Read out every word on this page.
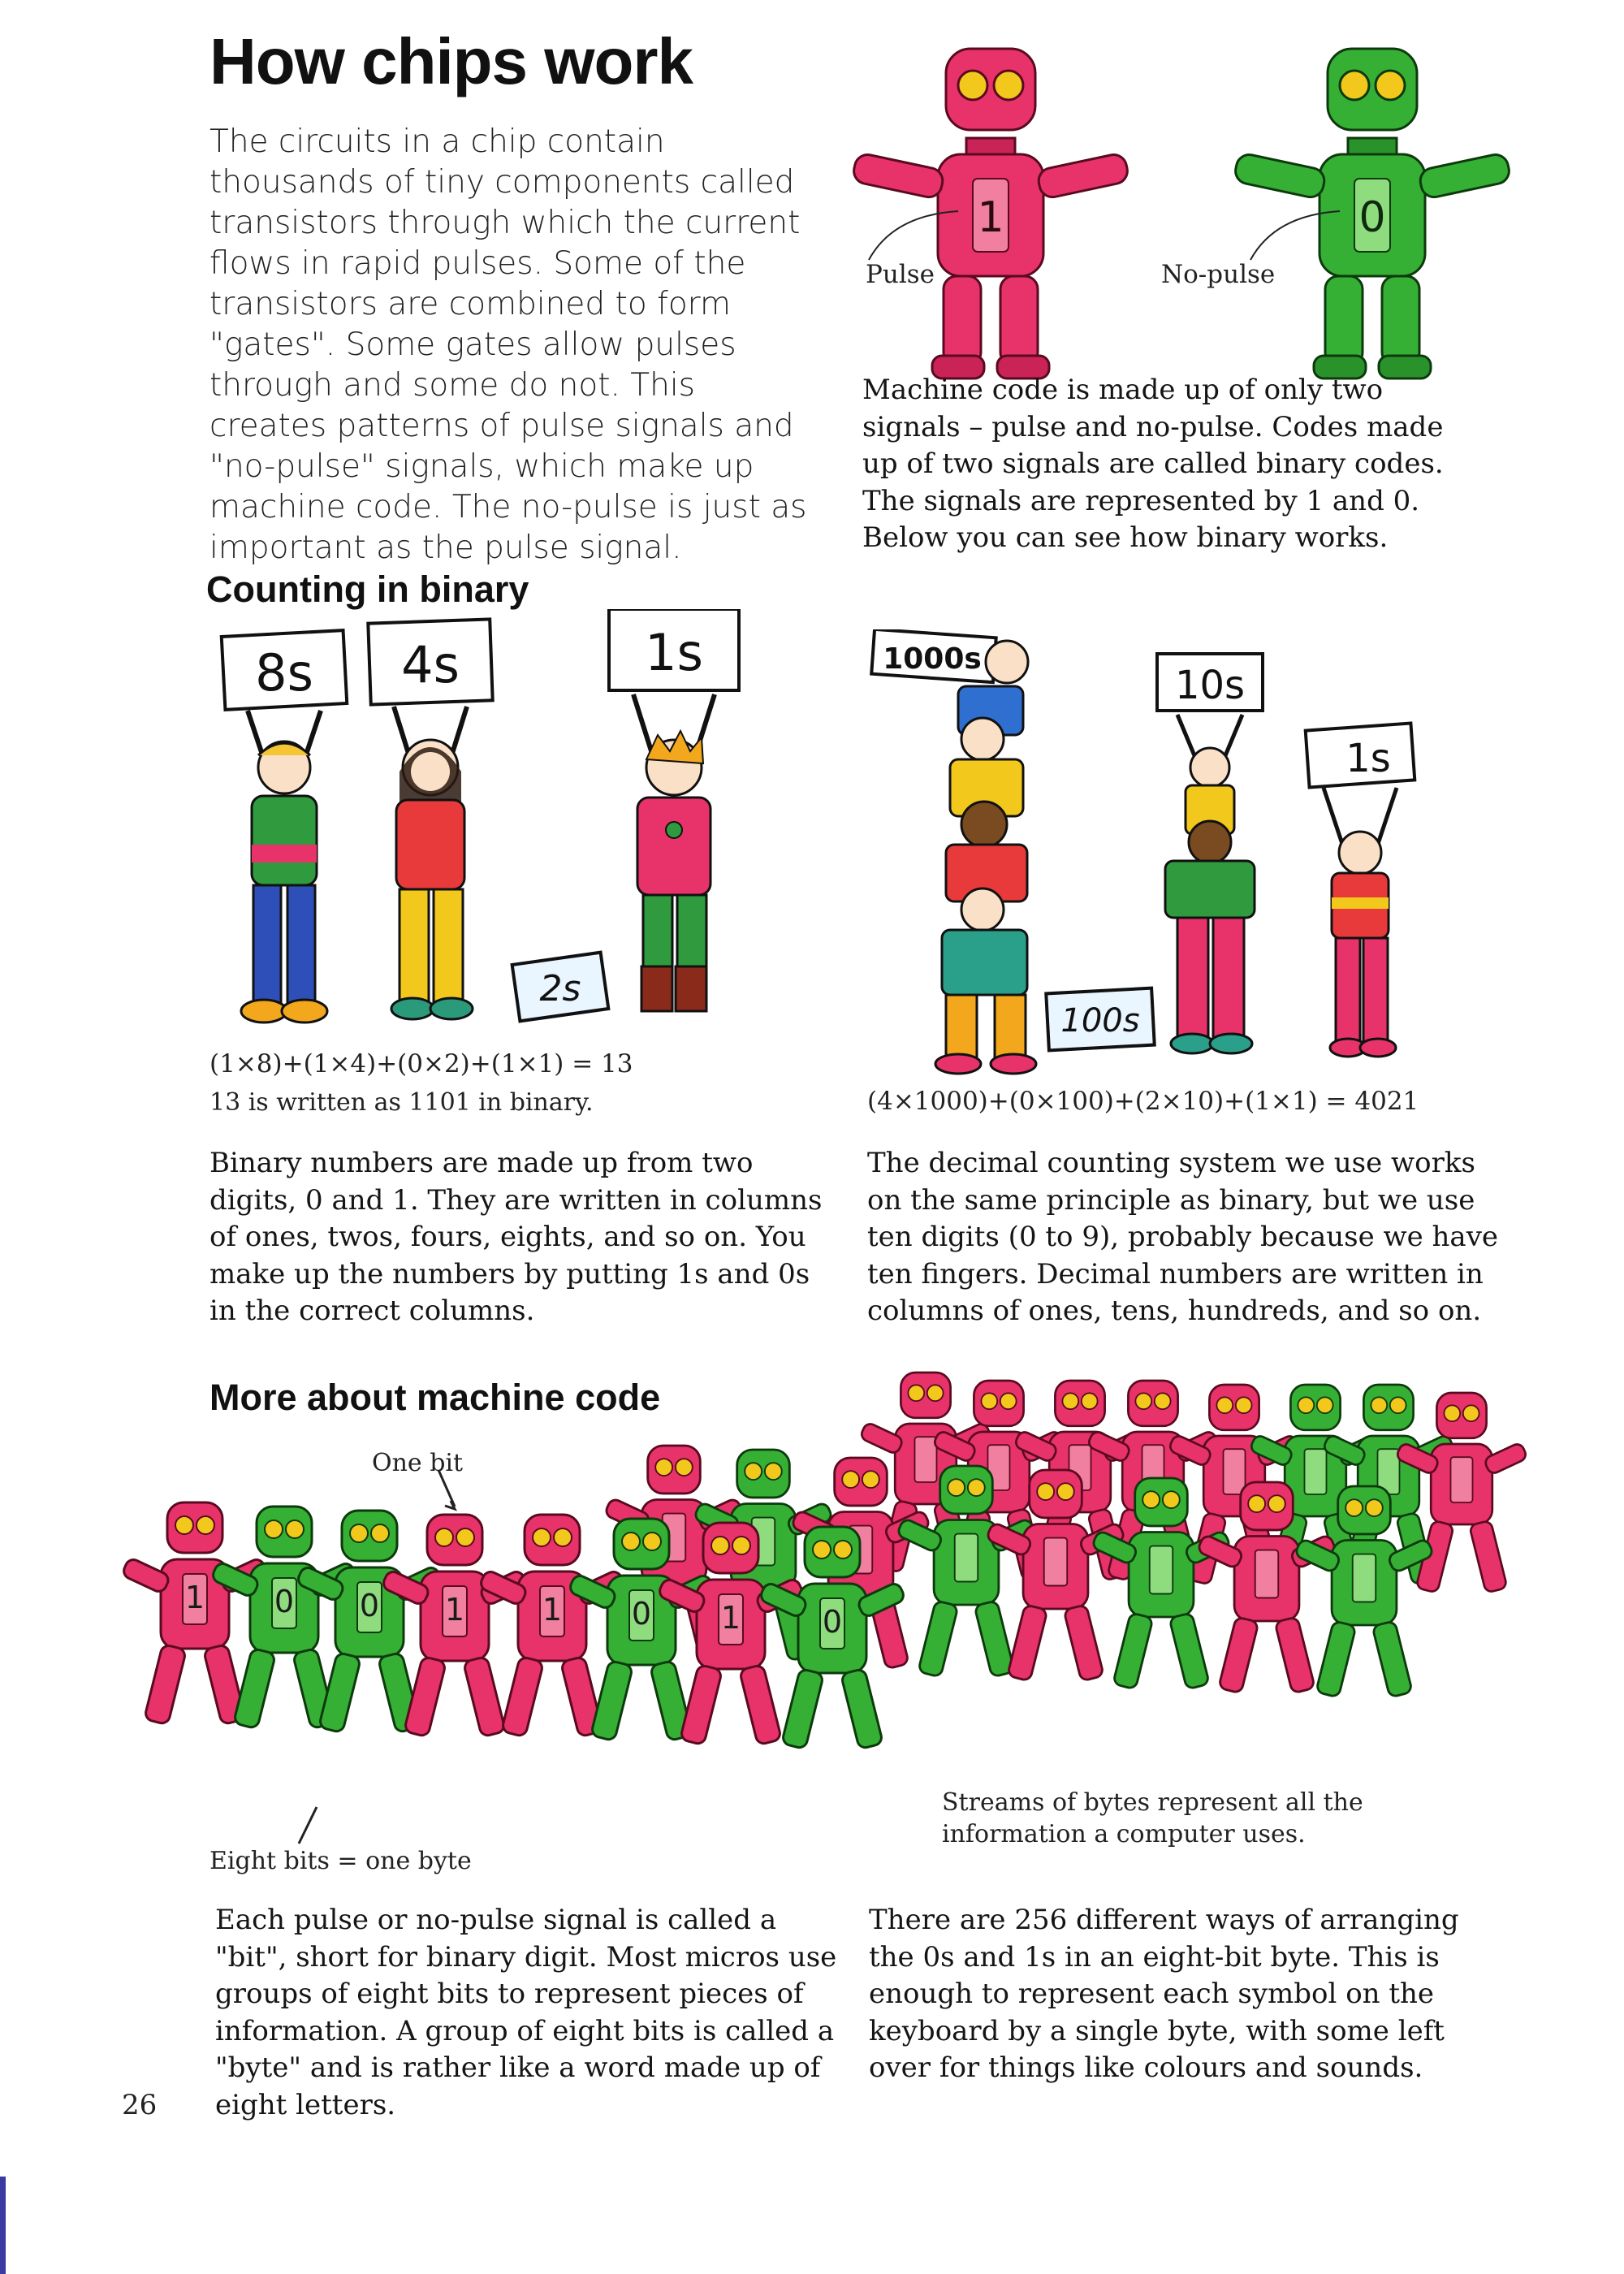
How chips work
The circuits in a chip contain thousands of tiny components called transistors through which the current flows in rapid pulses. Some of the transistors are combined to form "gates". Some gates allow pulses through and some do not. This creates patterns of pulse signals and "no-pulse" signals, which make up machine code. The no-pulse is just as important as the pulse signal.
1	0
Pulse	No-pulse
Machine code is made up of only two signals – pulse and no-pulse. Codes made up of two signals are called binary codes. The signals are represented by 1 and 0. Below you can see how binary works.
Counting in binary
8s 4s
2s
1s
(1×8)+(1×4)+(0×2)+(1×1) = 13
13 is written as 1101 in binary.
Binary numbers are made up from two digits, 0 and 1. They are written in columns of ones, twos, fours, eights, and so on. You make up the numbers by putting 1s and 0s in the correct columns.
1000s
100s
10s
1s
(4×1000)+(0×100)+(2×10)+(1×1) = 4021
The decimal counting system we use works on the same principle as binary, but we use ten digits (0 to 9), probably because we have ten fingers. Decimal numbers are written in columns of ones, tens, hundreds, and so on.
More about machine code
One bit
1 0 0 1	1 0 1	0
Eight bits = one byte
Streams of bytes represent all the information a computer uses.
Each pulse or no-pulse signal is called a "bit", short for binary digit. Most micros use groups of eight bits to represent pieces of information. A group of eight bits is called a "byte" and is rather like a word made up of eight letters.
There are 256 different ways of arranging the 0s and 1s in an eight-bit byte. This is enough to represent each symbol on the keyboard by a single byte, with some left over for things like colours and sounds.
26
